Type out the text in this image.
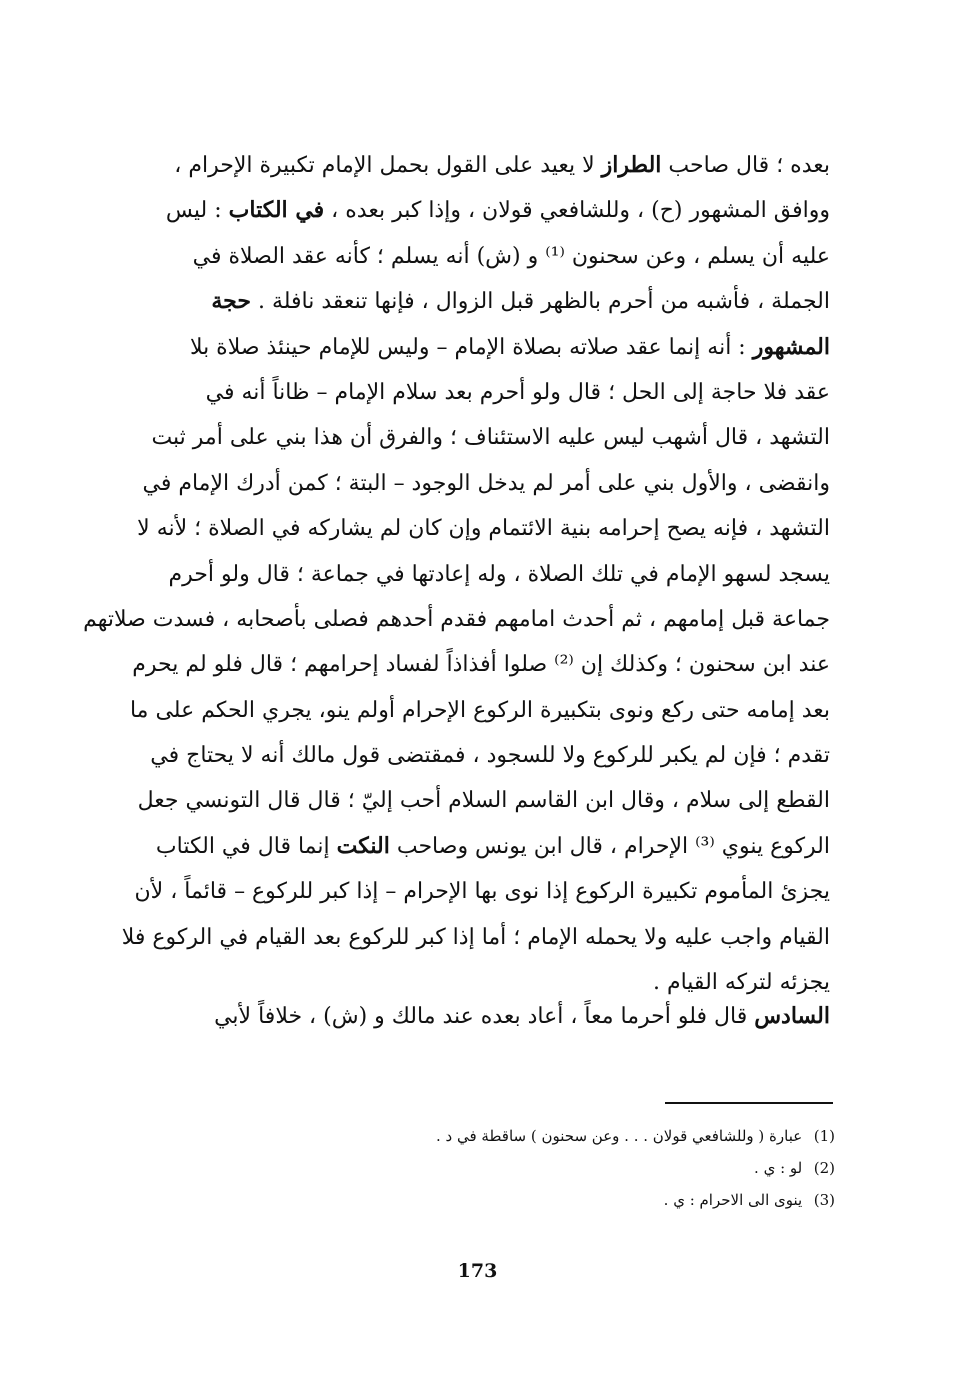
بعده ؛ قال صاحب الطراز لا يعيد على القول بحمل الإمام تكبيرة الإحرام ،
ووافق المشهور (ح) ، وللشافعي قولان ، وإذا كبر بعده ، في الكتاب : ليس
عليه أن يسلم ، وعن سحنون ⁽¹⁾ و (ش) أنه يسلم ؛ كأنه عقد الصلاة في
الجملة ، فأشبه من أحرم بالظهر قبل الزوال ، فإنها تنعقد نافلة . حجة
المشهور : أنه إنما عقد صلاته بصلاة الإمام – وليس للإمام حينئذ صلاة بلا
عقد فلا حاجة إلى الحل ؛ قال ولو أحرم بعد سلام الإمام – ظاناً أنه في
التشهد ، قال أشهب ليس عليه الاستئناف ؛ والفرق أن هذا بني على أمر ثبت
وانقضى ، والأول بني على أمر لم يدخل الوجود – البتة ؛ كمن أدرك الإمام في
التشهد ، فإنه يصح إحرامه بنية الائتمام وإن كان لم يشاركه في الصلاة ؛ لأنه لا
يسجد لسهو الإمام في تلك الصلاة ، وله إعادتها في جماعة ؛ قال ولو أحرم
جماعة قبل إمامهم ، ثم أحدث امامهم فقدم أحدهم فصلى بأصحابه ، فسدت صلاتهم
عند ابن سحنون ؛ وكذلك إن ⁽²⁾ صلوا أفذاذاً لفساد إحرامهم ؛ قال فلو لم يحرم
بعد إمامه حتى ركع ونوى بتكبيرة الركوع الإحرام أولم ينو، يجري الحكم على ما
تقدم ؛ فإن لم يكبر للركوع ولا للسجود ، فمقتضى قول مالك أنه لا يحتاج في
القطع إلى سلام ، وقال ابن القاسم السلام أحب إليّ ؛ قال قال التونسي جعل
الركوع ينوي ⁽³⁾ الإحرام ، قال ابن يونس وصاحب النكت إنما قال في الكتاب
يجزئ المأموم تكبيرة الركوع إذا نوى بها الإحرام – إذا كبر للركوع – قائماً ، لأن
القيام واجب عليه ولا يحمله الإمام ؛ أما إذا كبر للركوع بعد القيام في الركوع فلا
يجزئه لتركه القيام .
السادس قال فلو أحرما معاً ، أعاد بعده عند مالك و (ش) ، خلافاً لأبي
(1) عبارة ( وللشافعي قولان . . . وعن سحنون ) ساقطة في د .
(2) لو : ي .
(3) ينوى الى الاحرام : ي .
173
